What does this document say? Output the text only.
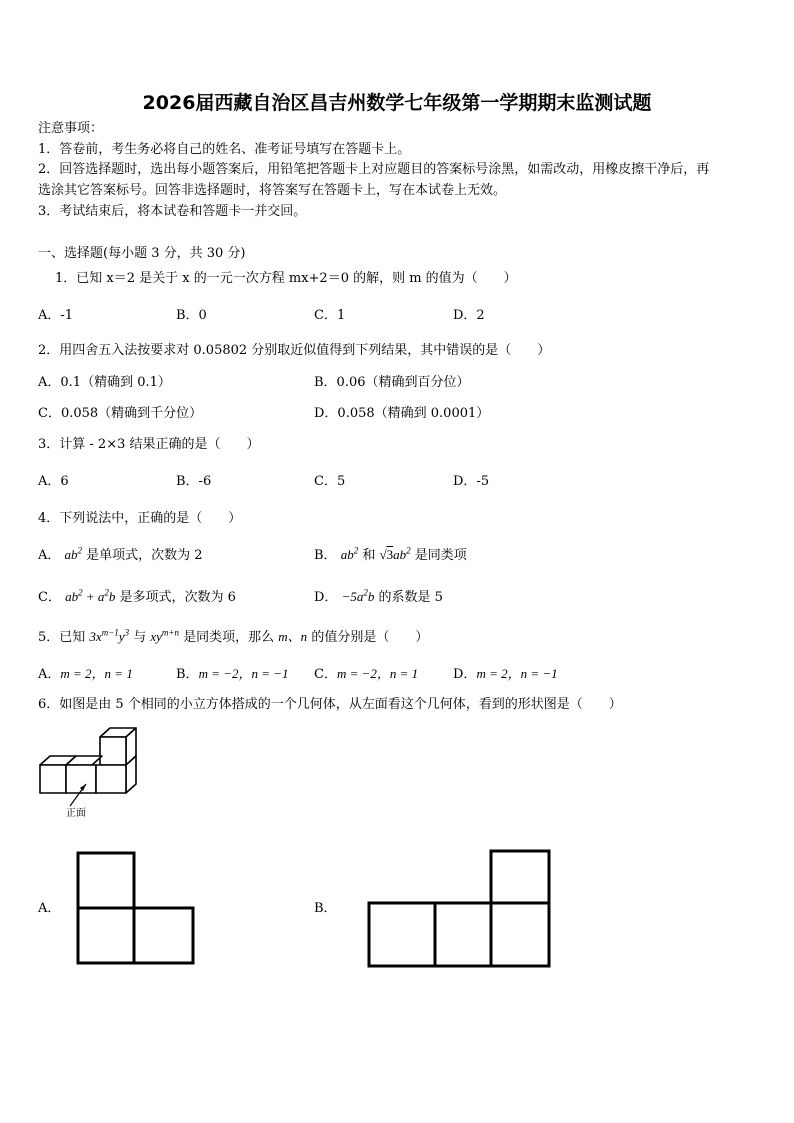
2026届西藏自治区昌吉州数学七年级第一学期期末监测试题
注意事项：
1．答卷前，考生务必将自己的姓名、准考证号填写在答题卡上。
2．回答选择题时，选出每小题答案后，用铅笔把答题卡上对应题目的答案标号涂黑，如需改动，用橡皮擦干净后，再
选涂其它答案标号。回答非选择题时，将答案写在答题卡上，写在本试卷上无效。
3．考试结束后，将本试卷和答题卡一并交回。
一、选择题(每小题 3 分，共 30 分)
1．已知 x＝2 是关于 x 的一元一次方程 mx+2＝0 的解，则 m 的值为（　　）
A．-1	B．0	C．1	D．2
2．用四舍五入法按要求对 0.05802 分别取近似值得到下列结果，其中错误的是（　　）
A．0.1（精确到 0.1）	B．0.06（精确到百分位）
C．0.058（精确到千分位）	D．0.058（精确到 0.0001）
3．计算 - 2×3 结果正确的是（　　）
A．6	B．-6	C．5	D．-5
4．下列说法中，正确的是（　　）
A． $ab^2$ 是单项式，次数为 2	B． $ab^2$ 和 $√3ab^2$ 是同类项
C． $ab^2 + a^2b$ 是多项式，次数为 6	D． $-5a^2b$ 的系数是 5
5．已知 $3x^{m-1}y^3$ 与 $xy^{m+n}$ 是同类项，那么 m、n 的值分别是（　　）
A．m = 2，n = 1	B．m = −2，n = −1 C．m = −2，n = 1	D．m = 2，n = −1
6．如图是由 5 个相同的小立方体搭成的一个几何体，从左面看这个几何体，看到的形状图是（　　）
正面
A．	B．
